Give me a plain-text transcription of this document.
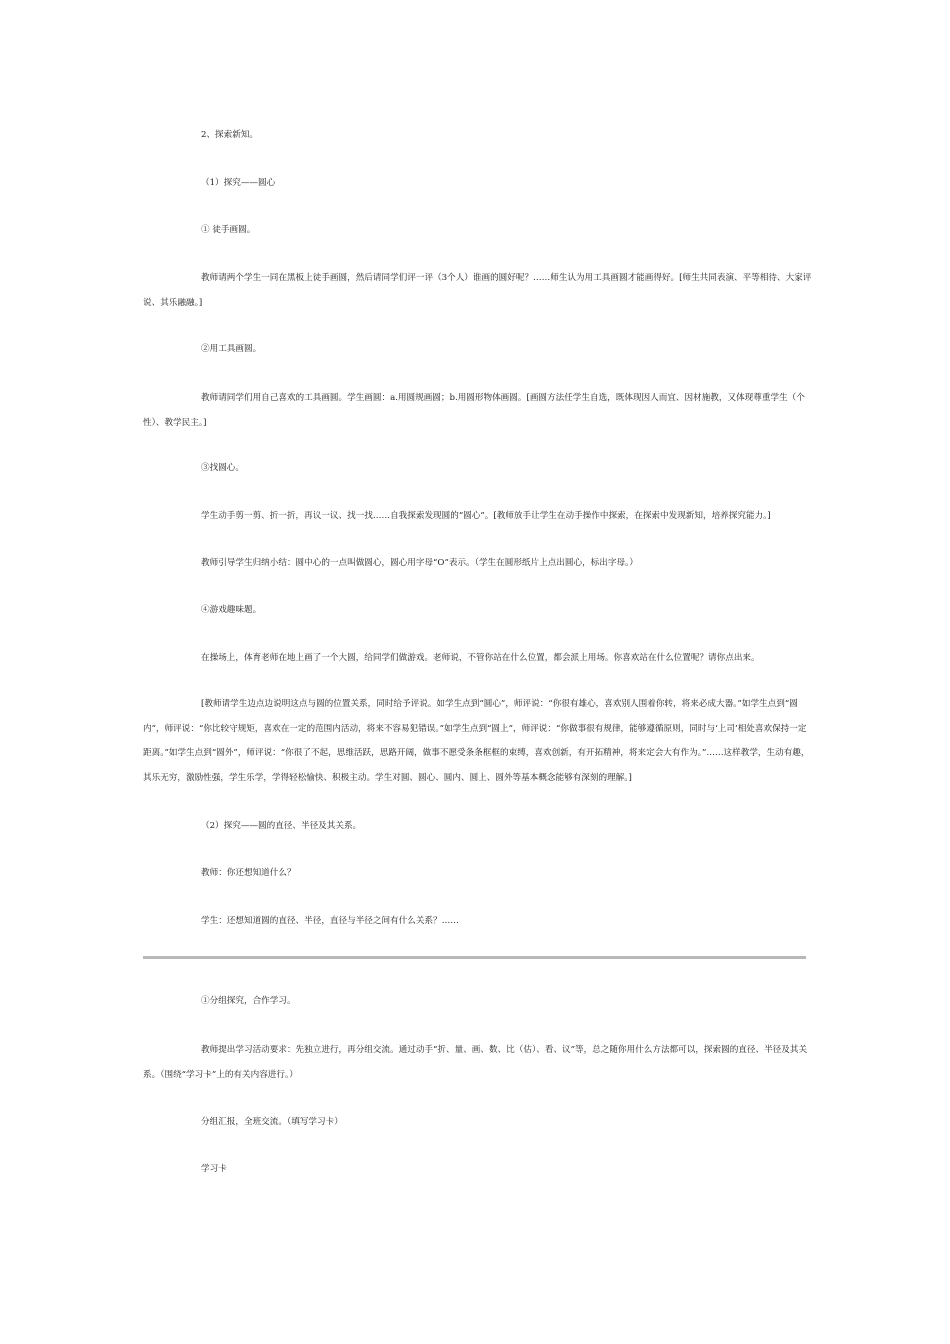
2、探索新知。
（1）探究——圆心
① 徒手画圆。
教师请两个学生一同在黑板上徒手画圆，然后请同学们评一评（3个人）谁画的圆好呢？……师生认为用工具画圆才能画得好。[师生共同表演、平等相待、大家评说、其乐融融。]
②用工具画圆。
教师请同学们用自己喜欢的工具画圆。学生画圆：a.用圆规画圆；b.用圆形物体画圆。[画圆方法任学生自选，既体现因人而宜、因材施教，又体现尊重学生（个性）、教学民主。]
③找圆心。
学生动手剪一剪、折一折，再议一议、找一找……自我探索发现圆的“圆心”。[教师放手让学生在动手操作中探索，在探索中发现新知，培养探究能力。]
教师引导学生归纳小结：圆中心的一点叫做圆心，圆心用字母“O”表示。（学生在圆形纸片上点出圆心，标出字母。）
④游戏趣味题。
在操场上，体育老师在地上画了一个大圆，给同学们做游戏。老师说，不管你站在什么位置，都会派上用场。你喜欢站在什么位置呢？请你点出来。
[教师请学生边点边说明这点与圆的位置关系，同时给予评说。如学生点到“圆心”，师评说：“你很有雄心，喜欢别人围着你转，将来必成大器。”如学生点到“圆内”，师评说：“你比较守规矩，喜欢在一定的范围内活动，将来不容易犯错误。”如学生点到“圆上”，师评说：“你做事很有规律，能够遵循原则，同时与‘上司’相处喜欢保持一定距离。”如学生点到“圆外”，师评说：“你很了不起，思维活跃，思路开阔，做事不愿受条条框框的束缚，喜欢创新，有开拓精神，将来定会大有作为。”……这样教学，生动有趣，其乐无穷，激励性强，学生乐学，学得轻松愉快、积极主动。学生对圆、圆心、圆内、圆上、圆外等基本概念能够有深刻的理解。]
（2）探究——圆的直径、半径及其关系。
教师：你还想知道什么？
学生：还想知道圆的直径、半径，直径与半径之间有什么关系？……
①分组探究，合作学习。
教师提出学习活动要求：先独立进行，再分组交流。通过动手“折、量、画、数、比（估）、看、议”等，总之随你用什么方法都可以，探索圆的直径、半径及其关系。（围绕“学习卡”上的有关内容进行。）
分组汇报，全班交流。（填写学习卡）
学习卡
